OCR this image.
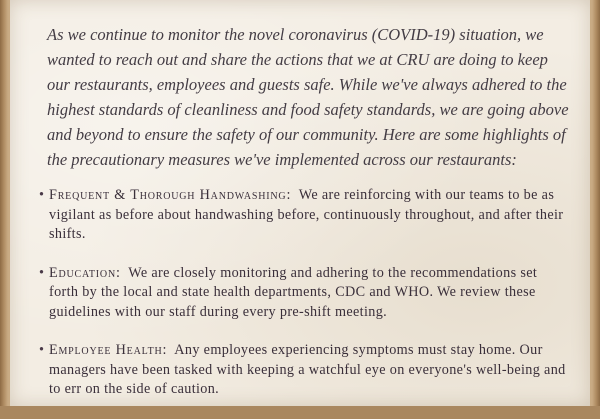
As we continue to monitor the novel coronavirus (COVID-19) situation, we wanted to reach out and share the actions that we at CRU are doing to keep our restaurants, employees and guests safe. While we've always adhered to the highest standards of cleanliness and food safety standards, we are going above and beyond to ensure the safety of our community. Here are some highlights of the precautionary measures we've implemented across our restaurants:

• Frequent & Thorough Handwashing: We are reinforcing with our teams to be as vigilant as before about handwashing before, continuously throughout, and after their shifts.
• Education: We are closely monitoring and adhering to the recommendations set forth by the local and state health departments, CDC and WHO. We review these guidelines with our staff during every pre-shift meeting.
• Employee Health: Any employees experiencing symptoms must stay home. Our managers have been tasked with keeping a watchful eye on everyone's well-being and to err on the side of caution.
